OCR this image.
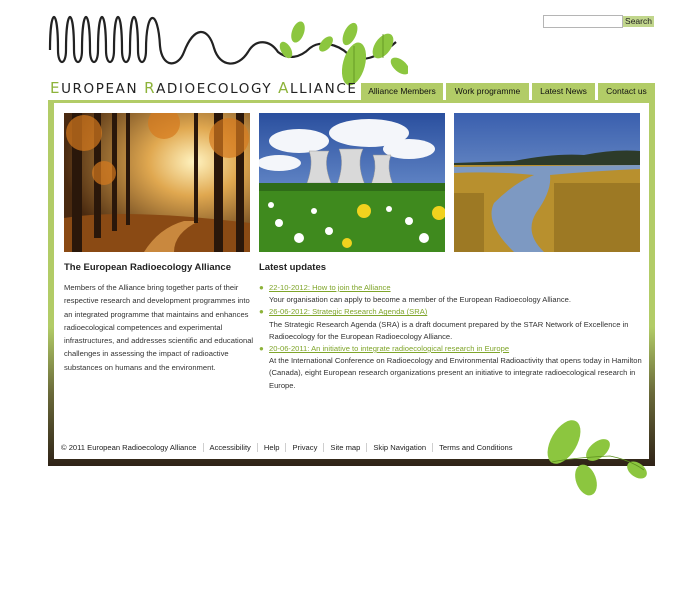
EUROPEAN RADIOECOLOGY ALLIANCE
Search
Alliance Members	Work programme	Latest News	Contact us
The European Radioecology Alliance
Members of the Alliance bring together parts of their respective research and development programmes into an integrated programme that maintains and enhances radioecological competences and experimental infrastructures, and addresses scientific and educational challenges in assessing the impact of radioactive substances on humans and the environment.
Latest updates
● 22-10-2012: How to join the Alliance
Your organisation can apply to become a member of the European Radioecology Alliance.
● 26-06-2012: Strategic Research Agenda (SRA)
The Strategic Research Agenda (SRA) is a draft document prepared by the STAR Network of Excellence in Radioecology for the European Radioecology Alliance.
● 20-06-2011: An initiative to integrate radioecological research in Europe
At the International Conference on Radioecology and Environmental Radioactivity that opens today in Hamilton (Canada), eight European research organizations present an initiative to integrate radioecological research in Europe.
© 2011 European Radioecology Alliance Accessibility Help Privacy Site map Skip Navigation Terms and Conditions
